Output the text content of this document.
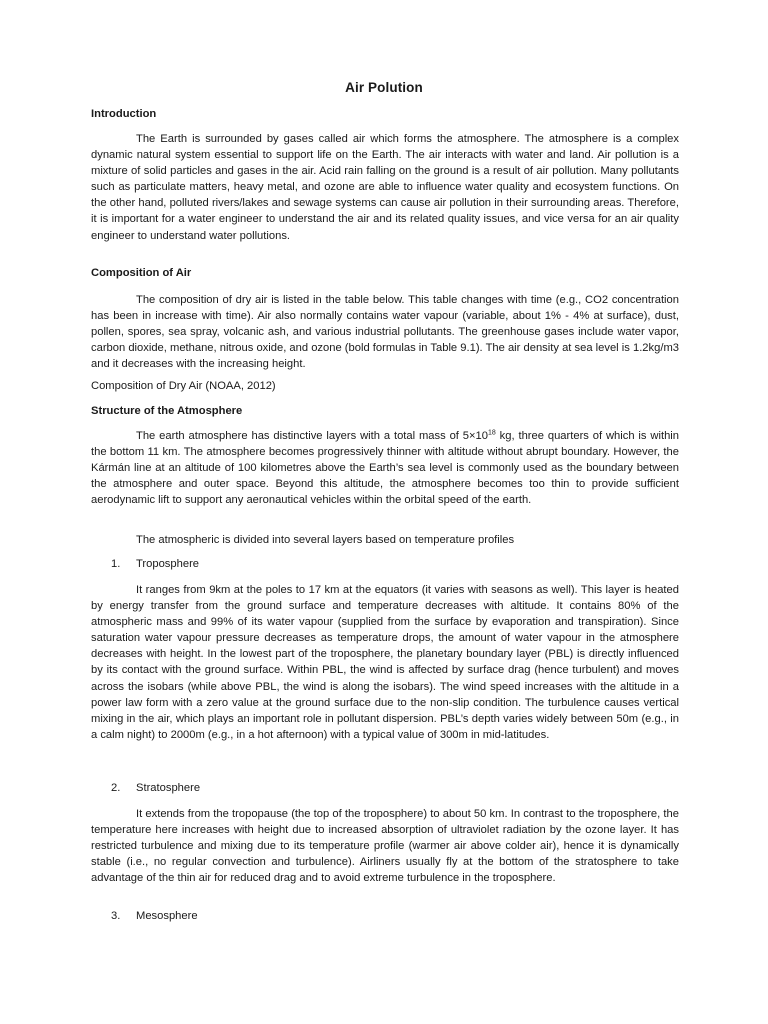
Air Polution
Introduction

The Earth is surrounded by gases called air which forms the atmosphere. The atmosphere is a complex dynamic natural system essential to support life on the Earth. The air interacts with water and land. Air pollution is a mixture of solid particles and gases in the air. Acid rain falling on the ground is a result of air pollution. Many pollutants such as particulate matters, heavy metal, and ozone are able to influence water quality and ecosystem functions. On the other hand, polluted rivers/lakes and sewage systems can cause air pollution in their surrounding areas. Therefore, it is important for a water engineer to understand the air and its related quality issues, and vice versa for an air quality engineer to understand water pollutions.

Composition of Air

The composition of dry air is listed in the table below. This table changes with time (e.g., CO2 concentration has been in increase with time). Air also normally contains water vapour (variable, about 1% - 4% at surface), dust, pollen, spores, sea spray, volcanic ash, and various industrial pollutants. The greenhouse gases include water vapor, carbon dioxide, methane, nitrous oxide, and ozone (bold formulas in Table 9.1). The air density at sea level is 1.2kg/m3 and it decreases with the increasing height.

Composition of Dry Air (NOAA, 2012)
Structure of the Atmosphere

The earth atmosphere has distinctive layers with a total mass of $5\times 10^{18}$ kg, three quarters of which is within the bottom 11 km. The atmosphere becomes progressively thinner with altitude without abrupt boundary. However, the Kármán line at an altitude of 100 kilometres above the Earth’s sea level is commonly used as the boundary between the atmosphere and outer space. Beyond this altitude, the atmosphere becomes too thin to provide sufficient aerodynamic lift to support any aeronautical vehicles within the orbital speed of the earth.

The atmospheric is divided into several layers based on temperature profiles
1. Troposphere

It ranges from 9km at the poles to 17 km at the equators (it varies with seasons as well). This layer is heated by energy transfer from the ground surface and temperature decreases with altitude. It contains 80% of the atmospheric mass and 99% of its water vapour (supplied from the surface by evaporation and transpiration). Since saturation water vapour pressure decreases as temperature drops, the amount of water vapour in the atmosphere decreases with height. In the lowest part of the troposphere, the planetary boundary layer (PBL) is directly influenced by its contact with the ground surface. Within PBL, the wind is affected by surface drag (hence turbulent) and moves across the isobars (while above PBL, the wind is along the isobars). The wind speed increases with the altitude in a power law form with a zero value at the ground surface due to the non-slip condition. The turbulence causes vertical mixing in the air, which plays an important role in pollutant dispersion. PBL’s depth varies widely between 50m (e.g., in a calm night) to 2000m (e.g., in a hot afternoon) with a typical value of 300m in mid-latitudes.

2. Stratosphere

It extends from the tropopause (the top of the troposphere) to about 50 km. In contrast to the troposphere, the temperature here increases with height due to increased absorption of ultraviolet radiation by the ozone layer. It has restricted turbulence and mixing due to its temperature profile (warmer air above colder air), hence it is dynamically stable (i.e., no regular convection and turbulence). Airliners usually fly at the bottom of the stratosphere to take advantage of the thin air for reduced drag and to avoid extreme turbulence in the troposphere.

3. Mesosphere
